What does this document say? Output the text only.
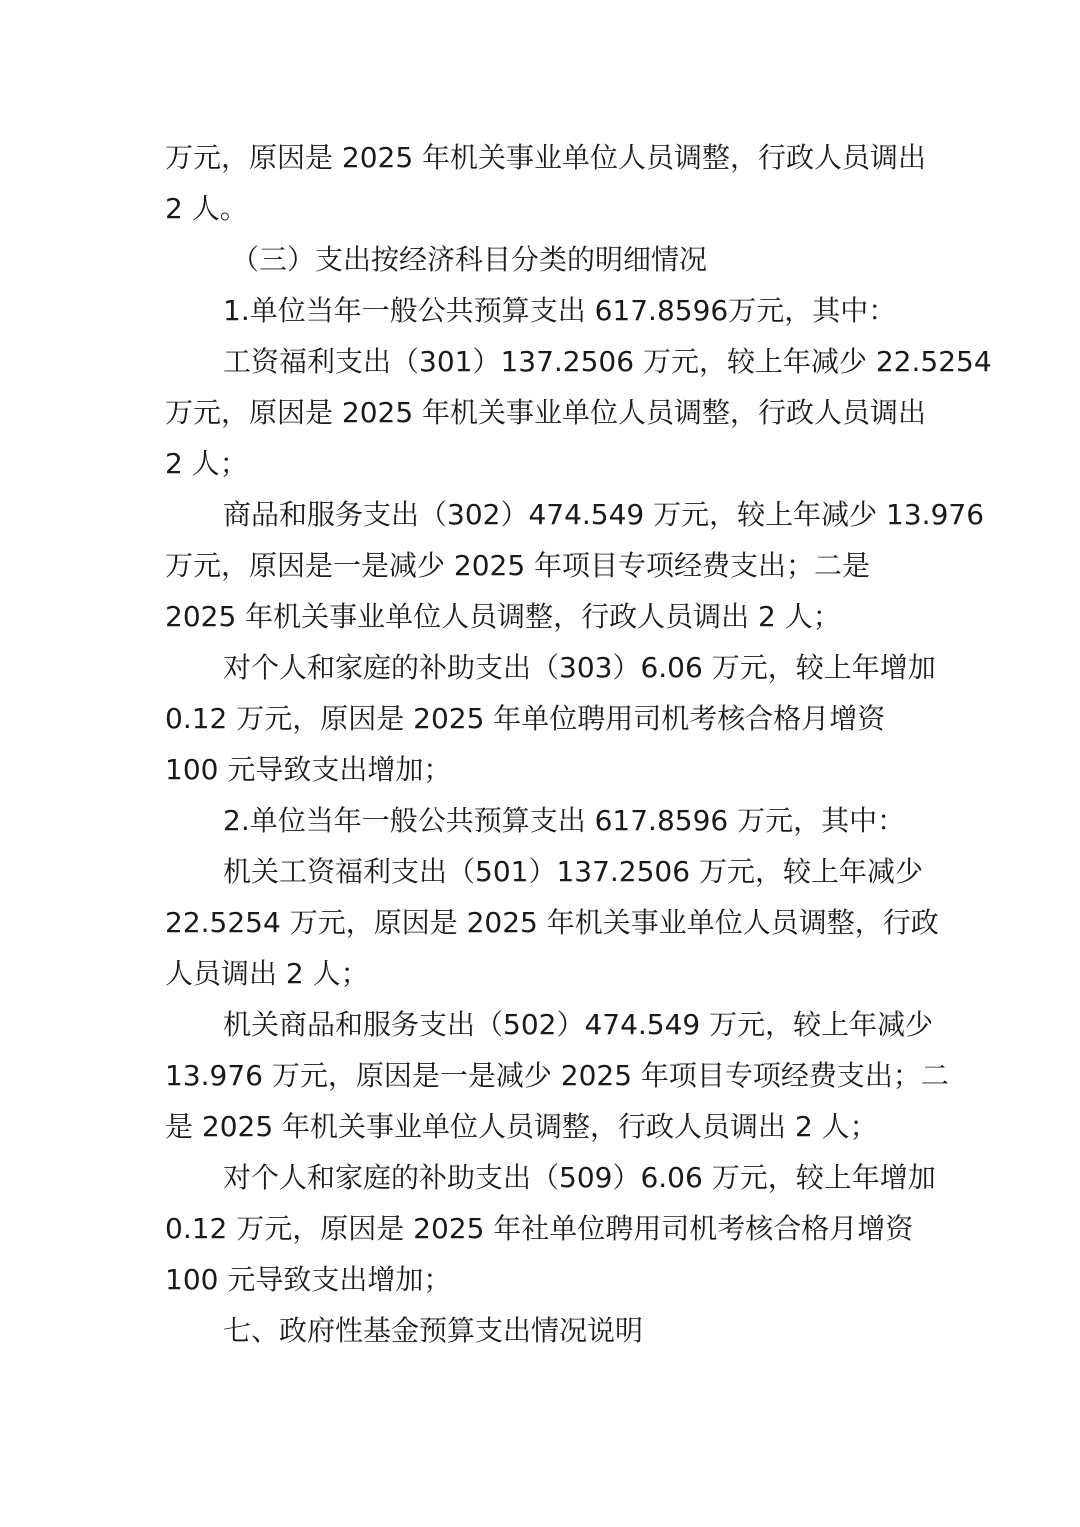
万元，原因是 2025 年机关事业单位人员调整，行政人员调出
2 人。
（三）支出按经济科目分类的明细情况
1.单位当年一般公共预算支出 617.8596万元，其中：
工资福利支出（301）137.2506 万元，较上年减少 22.5254
万元，原因是 2025 年机关事业单位人员调整，行政人员调出
2 人；
商品和服务支出（302）474.549 万元，较上年减少 13.976
万元，原因是一是减少 2025 年项目专项经费支出；二是
2025 年机关事业单位人员调整，行政人员调出 2 人；
对个人和家庭的补助支出（303）6.06 万元，较上年增加
0.12 万元，原因是 2025 年单位聘用司机考核合格月增资
100 元导致支出增加；
2.单位当年一般公共预算支出 617.8596 万元，其中：
机关工资福利支出（501）137.2506 万元，较上年减少
22.5254 万元，原因是 2025 年机关事业单位人员调整，行政
人员调出 2 人；
机关商品和服务支出（502）474.549 万元，较上年减少
13.976 万元，原因是一是减少 2025 年项目专项经费支出；二
是 2025 年机关事业单位人员调整，行政人员调出 2 人；
对个人和家庭的补助支出（509）6.06 万元，较上年增加
0.12 万元，原因是 2025 年社单位聘用司机考核合格月增资
100 元导致支出增加；
七、政府性基金预算支出情况说明
